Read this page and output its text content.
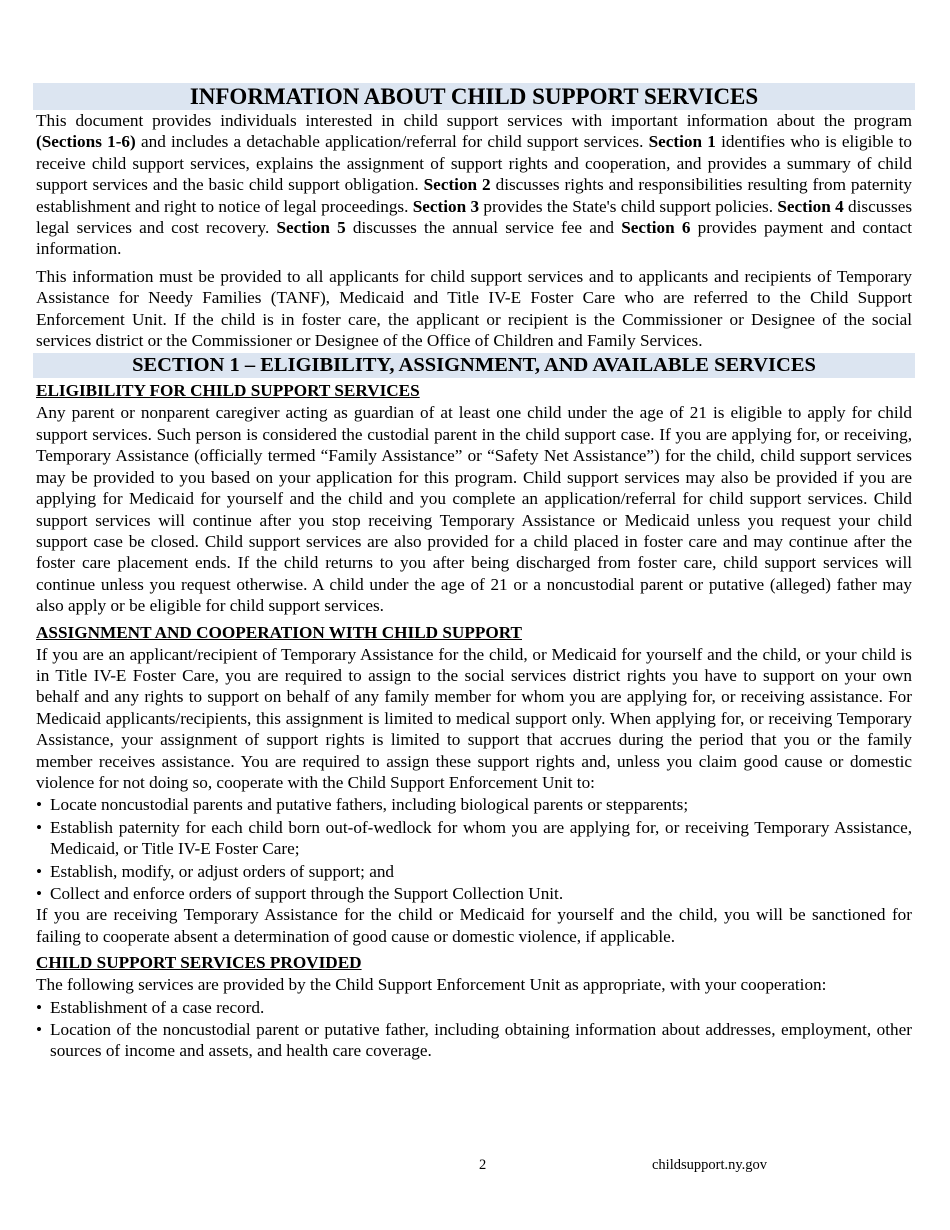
INFORMATION ABOUT CHILD SUPPORT SERVICES

This document provides individuals interested in child support services with important information about the program (Sections 1-6) and includes a detachable application/referral for child support services. Section 1 identifies who is eligible to receive child support services, explains the assignment of support rights and cooperation, and provides a summary of child support services and the basic child support obligation. Section 2 discusses rights and responsibilities resulting from paternity establishment and right to notice of legal proceedings. Section 3 provides the State's child support policies. Section 4 discusses legal services and cost recovery. Section 5 discusses the annual service fee and Section 6 provides payment and contact information.

This information must be provided to all applicants for child support services and to applicants and recipients of Temporary Assistance for Needy Families (TANF), Medicaid and Title IV-E Foster Care who are referred to the Child Support Enforcement Unit. If the child is in foster care, the applicant or recipient is the Commissioner or Designee of the social services district or the Commissioner or Designee of the Office of Children and Family Services.

SECTION 1 – ELIGIBILITY, ASSIGNMENT, AND AVAILABLE SERVICES
ELIGIBILITY FOR CHILD SUPPORT SERVICES

Any parent or nonparent caregiver acting as guardian of at least one child under the age of 21 is eligible to apply for child support services. Such person is considered the custodial parent in the child support case. If you are applying for, or receiving, Temporary Assistance (officially termed “Family Assistance” or “Safety Net Assistance”) for the child, child support services may be provided to you based on your application for this program. Child support services may also be provided if you are applying for Medicaid for yourself and the child and you complete an application/referral for child support services. Child support services will continue after you stop receiving Temporary Assistance or Medicaid unless you request your child support case be closed. Child support services are also provided for a child placed in foster care and may continue after the foster care placement ends. If the child returns to you after being discharged from foster care, child support services will continue unless you request otherwise. A child under the age of 21 or a noncustodial parent or putative (alleged) father may also apply or be eligible for child support services.

ASSIGNMENT AND COOPERATION WITH CHILD SUPPORT

If you are an applicant/recipient of Temporary Assistance for the child, or Medicaid for yourself and the child, or your child is in Title IV-E Foster Care, you are required to assign to the social services district rights you have to support on your own behalf and any rights to support on behalf of any family member for whom you are applying for, or receiving assistance. For Medicaid applicants/recipients, this assignment is limited to medical support only. When applying for, or receiving Temporary Assistance, your assignment of support rights is limited to support that accrues during the period that you or the family member receives assistance. You are required to assign these support rights and, unless you claim good cause or domestic violence for not doing so, cooperate with the Child Support Enforcement Unit to:

• Locate noncustodial parents and putative fathers, including biological parents or stepparents;
• Establish paternity for each child born out-of-wedlock for whom you are applying for, or receiving Temporary Assistance, Medicaid, or Title IV-E Foster Care;
• Establish, modify, or adjust orders of support; and
• Collect and enforce orders of support through the Support Collection Unit.

If you are receiving Temporary Assistance for the child or Medicaid for yourself and the child, you will be sanctioned for failing to cooperate absent a determination of good cause or domestic violence, if applicable.

CHILD SUPPORT SERVICES PROVIDED

The following services are provided by the Child Support Enforcement Unit as appropriate, with your cooperation:

• Establishment of a case record.
• Location of the noncustodial parent or putative father, including obtaining information about addresses, employment, other sources of income and assets, and health care coverage.
2	childsupport.ny.gov
